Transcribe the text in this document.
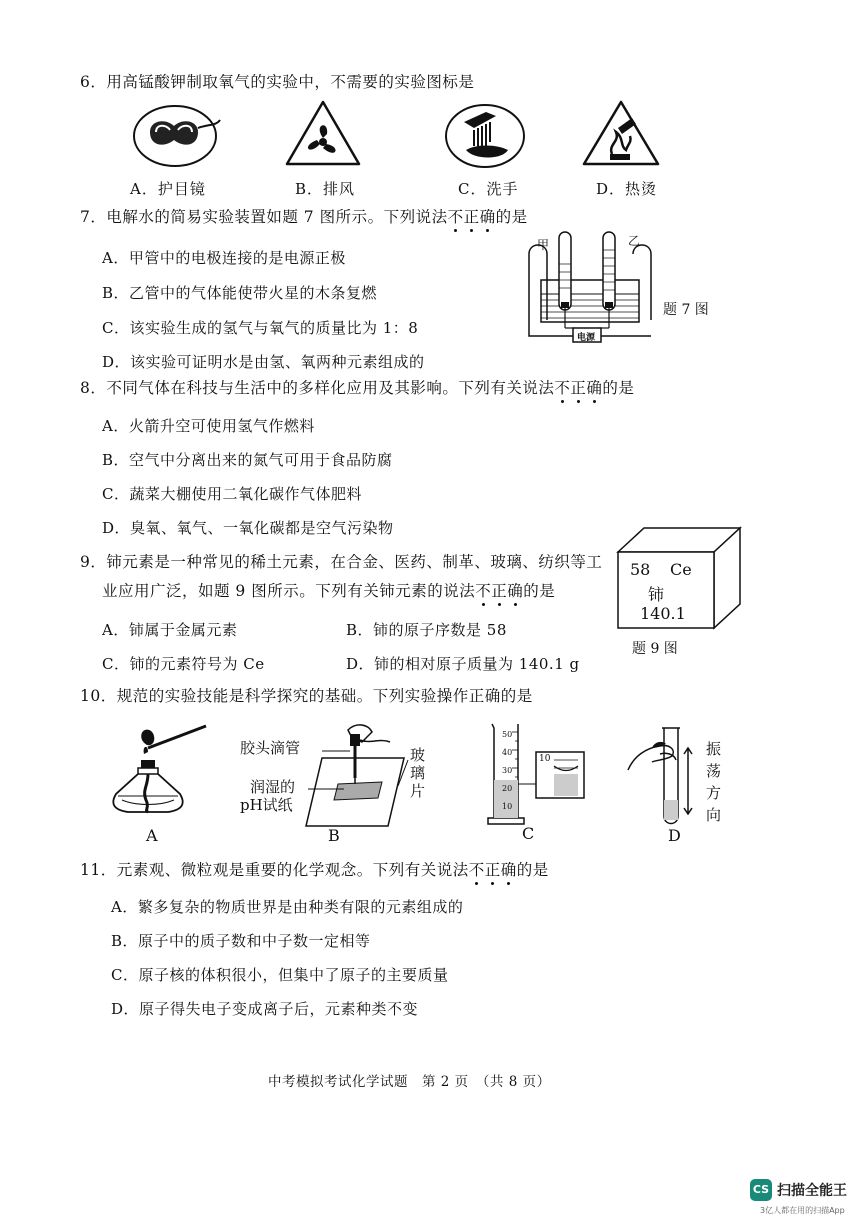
6．用高锰酸钾制取氧气的实验中，不需要的实验图标是
A．护目镜	B．排风	C．洗手	D．热烫
7．电解水的简易实验装置如题 7 图所示。下列说法不正确的是
A．甲管中的电极连接的是电源正极
B．乙管中的气体能使带火星的木条复燃
C．该实验生成的氢气与氧气的质量比为 1：8
D．该实验可证明水是由氢、氧两种元素组成的
甲	乙
电源
题 7 图
8．不同气体在科技与生活中的多样化应用及其影响。下列有关说法不正确的是
A．火箭升空可使用氢气作燃料
B．空气中分离出来的氮气可用于食品防腐
C．蔬菜大棚使用二氧化碳作气体肥料
D．臭氧、氧气、一氧化碳都是空气污染物
9．铈元素是一种常见的稀土元素，在合金、医药、制革、玻璃、纺织等工
业应用广泛，如题 9 图所示。下列有关铈元素的说法不正确的是
A．铈属于金属元素	B．铈的原子序数是 58
C．铈的元素符号为 Ce	D．铈的相对原子质量为 140.1 g
58 Ce
铈
140.1
题 9 图
10．规范的实验技能是科学探究的基础。下列实验操作正确的是
胶头滴管
润湿的
pH试纸
玻
璃
片
50
40
30
20
10
10
振
荡
方
向
A	B	C	D
11．元素观、微粒观是重要的化学观念。下列有关说法不正确的是
A．繁多复杂的物质世界是由种类有限的元素组成的
B．原子中的质子数和中子数一定相等
C．原子核的体积很小，但集中了原子的主要质量
D．原子得失电子变成离子后，元素种类不变
中考模拟考试化学试题　第 2 页　（共 8 页）
CS 扫描全能王
3亿人都在用的扫描App
